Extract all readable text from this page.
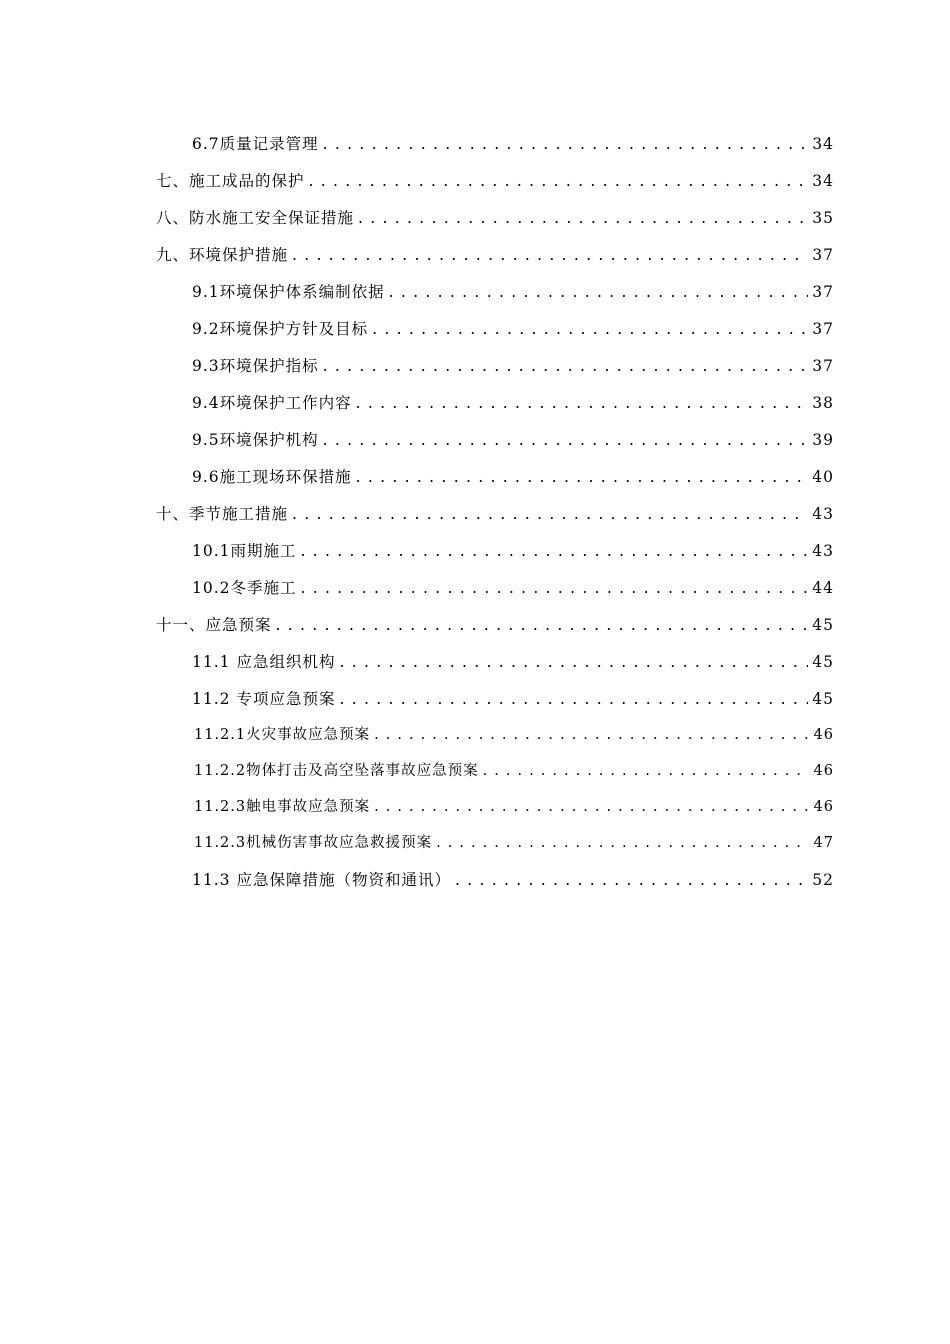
6.7质量记录管理 . . .	34
七、施工成品的保护 . . .	34
八、防水施工安全保证措施 . . .	35
九、环境保护措施 . . .	37
9.1环境保护体系编制依据 . . .	37
9.2环境保护方针及目标 . . .	37
9.3环境保护指标 . . .	37
9.4环境保护工作内容 . . .	38
9.5环境保护机构 . . .	39
9.6施工现场环保措施 . . .	40
十、季节施工措施 . . .	43
10.1雨期施工 . . .	43
10.2冬季施工 . . .	44
十一、应急预案 . . .	45
11.1 应急组织机构 . . .	45
11.2 专项应急预案 . . .	45
11.2.1火灾事故应急预案 . . .	46
11.2.2物体打击及高空坠落事故应急预案 . . .	46
11.2.3触电事故应急预案 . . .	46
11.2.3机械伤害事故应急救援预案 . . .	47
11.3 应急保障措施（物资和通讯） . . .	52
